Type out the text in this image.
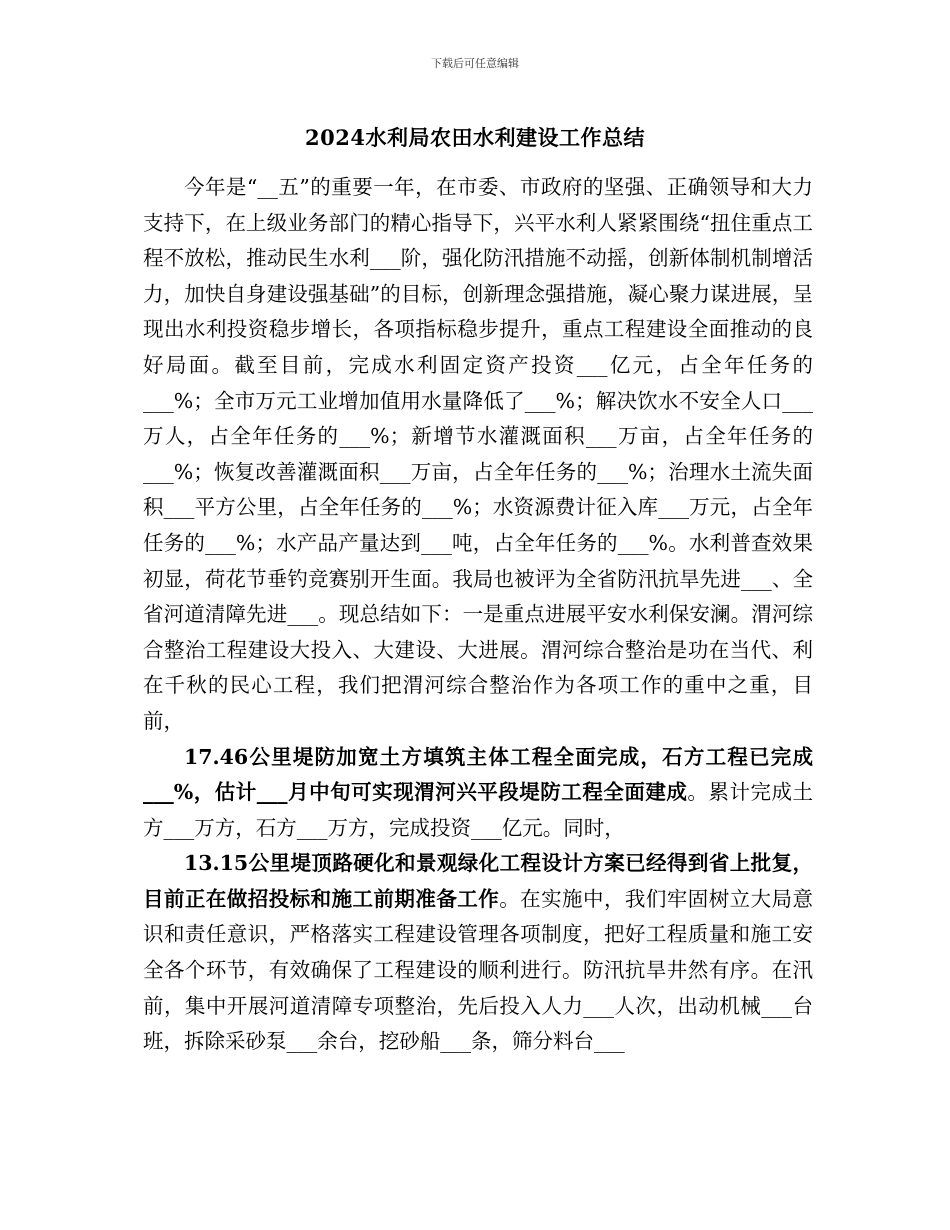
下载后可任意编辑
2024水利局农田水利建设工作总结

今年是“__五”的重要一年，在市委、市政府的坚强、正确领导和大力支持下，在上级业务部门的精心指导下，兴平水利人紧紧围绕“扭住重点工程不放松，推动民生水利___阶，强化防汛措施不动摇，创新体制机制增活力，加快自身建设强基础”的目标，创新理念强措施，凝心聚力谋进展，呈现出水利投资稳步增长，各项指标稳步提升，重点工程建设全面推动的良好局面。截至目前，完成水利固定资产投资___亿元，占全年任务的___%；全市万元工业增加值用水量降低了___%；解决饮水不安全人口___万人，占全年任务的___%；新增节水灌溉面积___万亩，占全年任务的___%；恢复改善灌溉面积___万亩，占全年任务的___%；治理水土流失面积___平方公里，占全年任务的___%；水资源费计征入库___万元，占全年任务的___%；水产品产量达到___吨，占全年任务的___%。水利普查效果初显，荷花节垂钓竞赛别开生面。我局也被评为全省防汛抗旱先进___、全省河道清障先进___。现总结如下：一是重点进展平安水利保安澜。渭河综合整治工程建设大投入、大建设、大进展。渭河综合整治是功在当代、利在千秋的民心工程，我们把渭河综合整治作为各项工作的重中之重，目前，

17.46公里堤防加宽土方填筑主体工程全面完成，石方工程已完成___%，估计___月中旬可实现渭河兴平段堤防工程全面建成。累计完成土方___万方，石方___万方，完成投资___亿元。同时，

13.15公里堤顶路硬化和景观绿化工程设计方案已经得到省上批复，目前正在做招投标和施工前期准备工作。在实施中，我们牢固树立大局意识和责任意识，严格落实工程建设管理各项制度，把好工程质量和施工安全各个环节，有效确保了工程建设的顺利进行。防汛抗旱井然有序。在汛前，集中开展河道清障专项整治，先后投入人力___人次，出动机械___台班，拆除采砂泵___余台，挖砂船___条，筛分料台___
